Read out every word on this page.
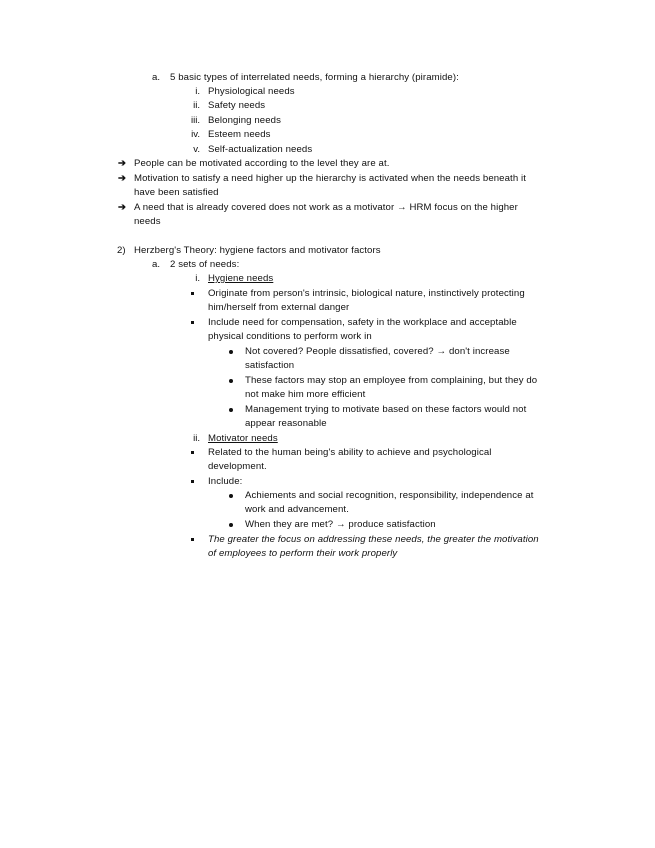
a. 5 basic types of interrelated needs, forming a hierarchy (piramide):
i. Physiological needs
ii. Safety needs
iii. Belonging needs
iv. Esteem needs
v. Self-actualization needs
➔ People can be motivated according to the level they are at.
➔ Motivation to satisfy a need higher up the hierarchy is activated when the needs beneath it
have been satisfied
➔ A need that is already covered does not work as a motivator → HRM focus on the higher
needs
2) Herzberg's Theory: hygiene factors and motivator factors
a. 2 sets of needs:
i. Hygiene needs
Originate from person's intrinsic, biological nature, instinctively protecting
him/herself from external danger
Include need for compensation, safety in the workplace and acceptable
physical conditions to perform work in
Not covered? People dissatisfied, covered? → don't increase
satisfaction
These factors may stop an employee from complaining, but they do
not make him more efficient
Management trying to motivate based on these factors would not
appear reasonable
ii. Motivator needs
Related to the human being's ability to achieve and psychological
development.
Include:
Achiements and social recognition, responsibility, independence at
work and advancement.
When they are met? → produce satisfaction
The greater the focus on addressing these needs, the greater the motivation
of employees to perform their work properly
